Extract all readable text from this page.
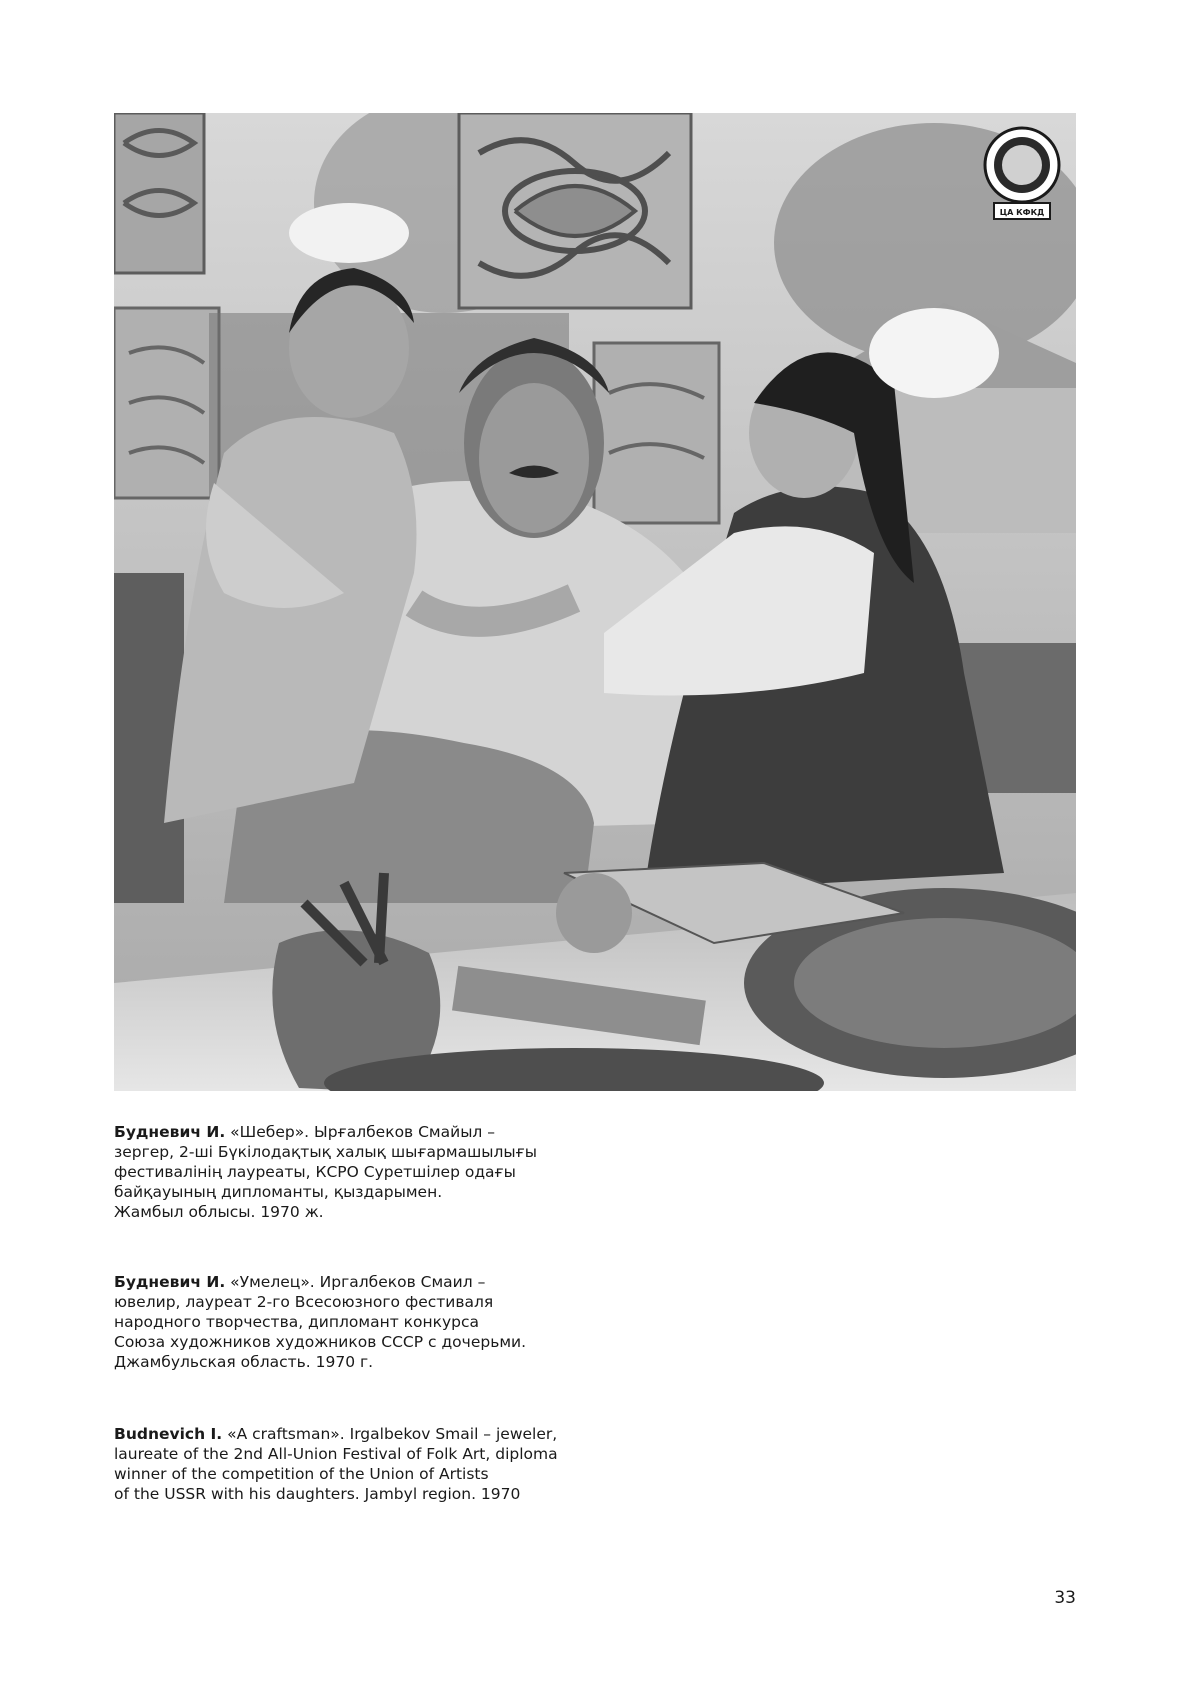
ЦА КФКД

Будневич И. «Шебер». Ырғалбеков Смайыл –
зергер, 2-ші Бүкілодақтық халық шығармашылығы
фестивалінің лауреаты, КСРО Суретшілер одағы
байқауының дипломанты, қыздарымен.
Жамбыл облысы. 1970 ж.

Будневич И. «Умелец». Иргалбеков Смаил –
ювелир, лауреат 2-го Всесоюзного фестиваля
народного творчества, дипломант конкурса
Союза художников художников СССР с дочерьми.
Джамбульская область. 1970 г.

Budnevich I. «A craftsman». Irgalbekov Smail – jeweler,
laureate of the 2nd All-Union Festival of Folk Art, diploma
winner of the competition of the Union of Artists
of the USSR with his daughters. Jambyl region. 1970

33
